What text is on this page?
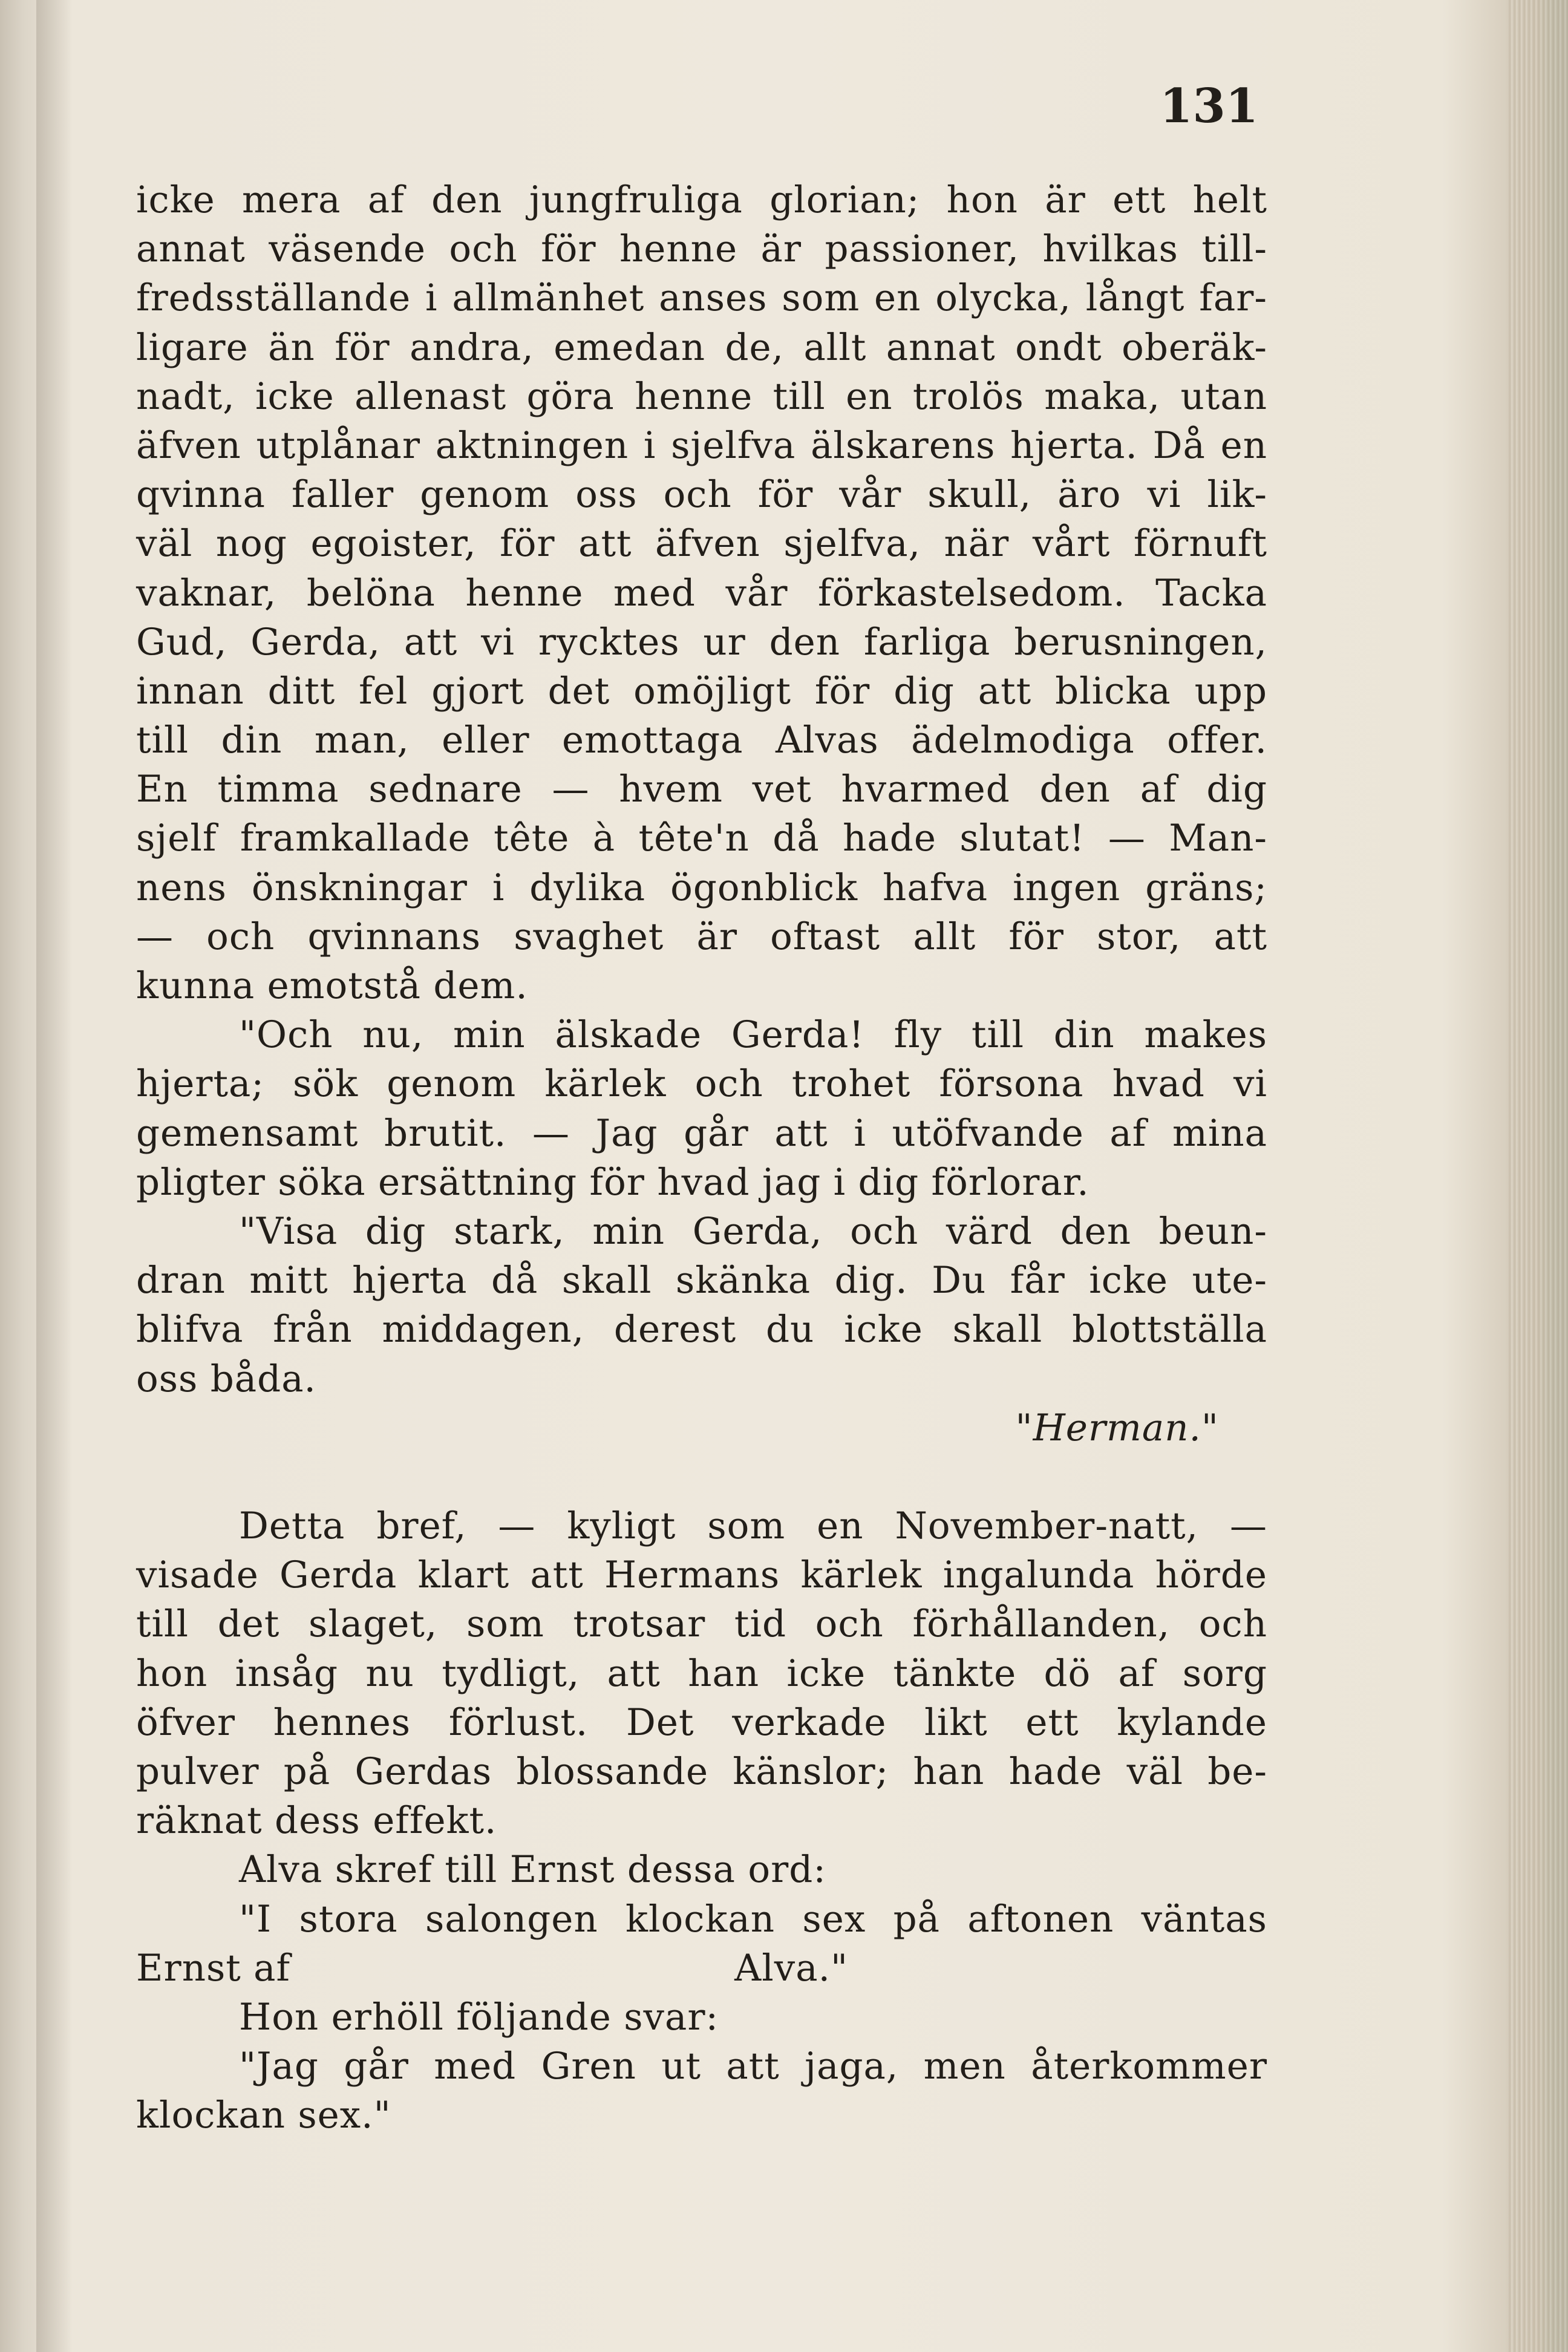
131
icke mera af den jungfruliga glorian; hon är ett helt
annat väsende och för henne är passioner, hvilkas till-
fredsställande i allmänhet anses som en olycka, långt far-
ligare än för andra, emedan de, allt annat ondt oberäk-
nadt, icke allenast göra henne till en trolös maka, utan
äfven utplånar aktningen i sjelfva älskarens hjerta. Då en
qvinna faller genom oss och för vår skull, äro vi lik-
väl nog egoister, för att äfven sjelfva, när vårt förnuft
vaknar, belöna henne med vår förkastelsedom. Tacka
Gud, Gerda, att vi rycktes ur den farliga berusningen,
innan ditt fel gjort det omöjligt för dig att blicka upp
till din man, eller emottaga Alvas ädelmodiga offer.
En timma sednare — hvem vet hvarmed den af dig
sjelf framkallade tête à tête'n då hade slutat! — Man-
nens önskningar i dylika ögonblick hafva ingen gräns;
— och qvinnans svaghet är oftast allt för stor, att
kunna emotstå dem.
"Och nu, min älskade Gerda! fly till din makes
hjerta; sök genom kärlek och trohet försona hvad vi
gemensamt brutit. — Jag går att i utöfvande af mina
pligter söka ersättning för hvad jag i dig förlorar.
"Visa dig stark, min Gerda, och värd den beun-
dran mitt hjerta då skall skänka dig. Du får icke ute-
blifva från middagen, derest du icke skall blottställa
oss båda.
"Herman."
Detta bref, — kyligt som en November-natt, —
visade Gerda klart att Hermans kärlek ingalunda hörde
till det slaget, som trotsar tid och förhållanden, och
hon insåg nu tydligt, att han icke tänkte dö af sorg
öfver hennes förlust. Det verkade likt ett kylande
pulver på Gerdas blossande känslor; han hade väl be-
räknat dess effekt.
Alva skref till Ernst dessa ord:
"I stora salongen klockan sex på aftonen väntas
Ernst af                                    Alva."
Hon erhöll följande svar:
"Jag går med Gren ut att jaga, men återkommer
klockan sex."
